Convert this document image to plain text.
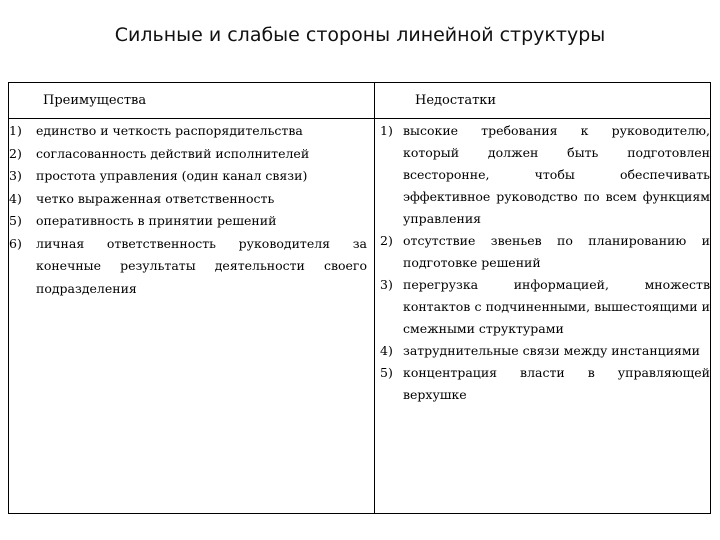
Сильные и слабые стороны линейной структуры
Преимущества	Недостатки
1) единство и четкость распорядительства
2) согласованность действий исполнителей
3) простота управления (один канал связи)
4) четко выраженная ответственность
5) оперативность в принятии решений
6) личная ответственность руководителя за конечные результаты деятельности своего подразделения
1) высокие требования к руководителю, который должен быть подготовлен всесторонне, чтобы обеспечивать эффективное руководство по всем функциям управления
2) отсутствие звеньев по планированию и подготовке решений
3) перегрузка информацией, множеств контактов с подчиненными, вышестоящими и смежными структурами
4) затруднительные связи между инстанциями
5) концентрация власти в управляющей верхушке
